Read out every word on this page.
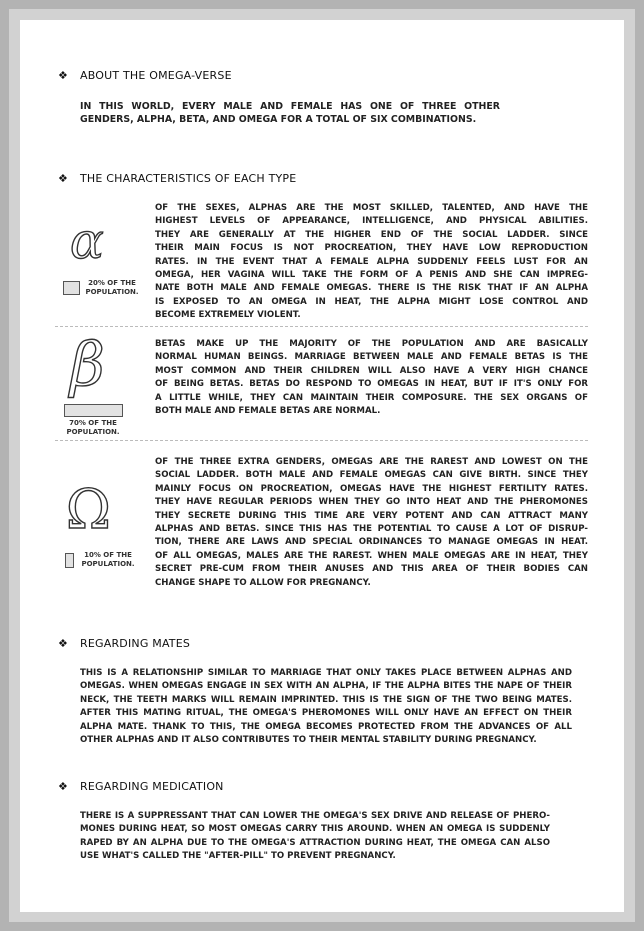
❖ ABOUT THE OMEGA-VERSE
IN THIS WORLD, EVERY MALE AND FEMALE HAS ONE OF THREE OTHER
GENDERS, ALPHA, BETA, AND OMEGA FOR A TOTAL OF SIX COMBINATIONS.
❖ THE CHARACTERISTICS OF EACH TYPE
α
20% OF THE
POPULATION.
OF THE SEXES, ALPHAS ARE THE MOST SKILLED, TALENTED, AND HAVE THE
HIGHEST LEVELS OF APPEARANCE, INTELLIGENCE, AND PHYSICAL ABILITIES.
THEY ARE GENERALLY AT THE HIGHER END OF THE SOCIAL LADDER. SINCE
THEIR MAIN FOCUS IS NOT PROCREATION, THEY HAVE LOW REPRODUCTION
RATES. IN THE EVENT THAT A FEMALE ALPHA SUDDENLY FEELS LUST FOR AN
OMEGA, HER VAGINA WILL TAKE THE FORM OF A PENIS AND SHE CAN IMPREG-
NATE BOTH MALE AND FEMALE OMEGAS. THERE IS THE RISK THAT IF AN ALPHA
IS EXPOSED TO AN OMEGA IN HEAT, THE ALPHA MIGHT LOSE CONTROL AND
BECOME EXTREMELY VIOLENT.
β
70% OF THE
POPULATION.
BETAS MAKE UP THE MAJORITY OF THE POPULATION AND ARE BASICALLY
NORMAL HUMAN BEINGS. MARRIAGE BETWEEN MALE AND FEMALE BETAS IS THE
MOST COMMON AND THEIR CHILDREN WILL ALSO HAVE A VERY HIGH CHANCE
OF BEING BETAS. BETAS DO RESPOND TO OMEGAS IN HEAT, BUT IF IT'S ONLY FOR
A LITTLE WHILE, THEY CAN MAINTAIN THEIR COMPOSURE. THE SEX ORGANS OF
BOTH MALE AND FEMALE BETAS ARE NORMAL.
Ω
10% OF THE
POPULATION.
OF THE THREE EXTRA GENDERS, OMEGAS ARE THE RAREST AND LOWEST ON THE
SOCIAL LADDER. BOTH MALE AND FEMALE OMEGAS CAN GIVE BIRTH. SINCE THEY
MAINLY FOCUS ON PROCREATION, OMEGAS HAVE THE HIGHEST FERTILITY RATES.
THEY HAVE REGULAR PERIODS WHEN THEY GO INTO HEAT AND THE PHEROMONES
THEY SECRETE DURING THIS TIME ARE VERY POTENT AND CAN ATTRACT MANY
ALPHAS AND BETAS. SINCE THIS HAS THE POTENTIAL TO CAUSE A LOT OF DISRUP-
TION, THERE ARE LAWS AND SPECIAL ORDINANCES TO MANAGE OMEGAS IN HEAT.
OF ALL OMEGAS, MALES ARE THE RAREST. WHEN MALE OMEGAS ARE IN HEAT, THEY
SECRET PRE-CUM FROM THEIR ANUSES AND THIS AREA OF THEIR BODIES CAN
CHANGE SHAPE TO ALLOW FOR PREGNANCY.
❖ REGARDING MATES
THIS IS A RELATIONSHIP SIMILAR TO MARRIAGE THAT ONLY TAKES PLACE BETWEEN ALPHAS AND
OMEGAS. WHEN OMEGAS ENGAGE IN SEX WITH AN ALPHA, IF THE ALPHA BITES THE NAPE OF THEIR
NECK, THE TEETH MARKS WILL REMAIN IMPRINTED. THIS IS THE SIGN OF THE TWO BEING MATES.
AFTER THIS MATING RITUAL, THE OMEGA'S PHEROMONES WILL ONLY HAVE AN EFFECT ON THEIR
ALPHA MATE. THANK TO THIS, THE OMEGA BECOMES PROTECTED FROM THE ADVANCES OF ALL
OTHER ALPHAS AND IT ALSO CONTRIBUTES TO THEIR MENTAL STABILITY DURING PREGNANCY.
❖ REGARDING MEDICATION
THERE IS A SUPPRESSANT THAT CAN LOWER THE OMEGA'S SEX DRIVE AND RELEASE OF PHERO-
MONES DURING HEAT, SO MOST OMEGAS CARRY THIS AROUND. WHEN AN OMEGA IS SUDDENLY
RAPED BY AN ALPHA DUE TO THE OMEGA'S ATTRACTION DURING HEAT, THE OMEGA CAN ALSO
USE WHAT'S CALLED THE "AFTER-PILL" TO PREVENT PREGNANCY.
